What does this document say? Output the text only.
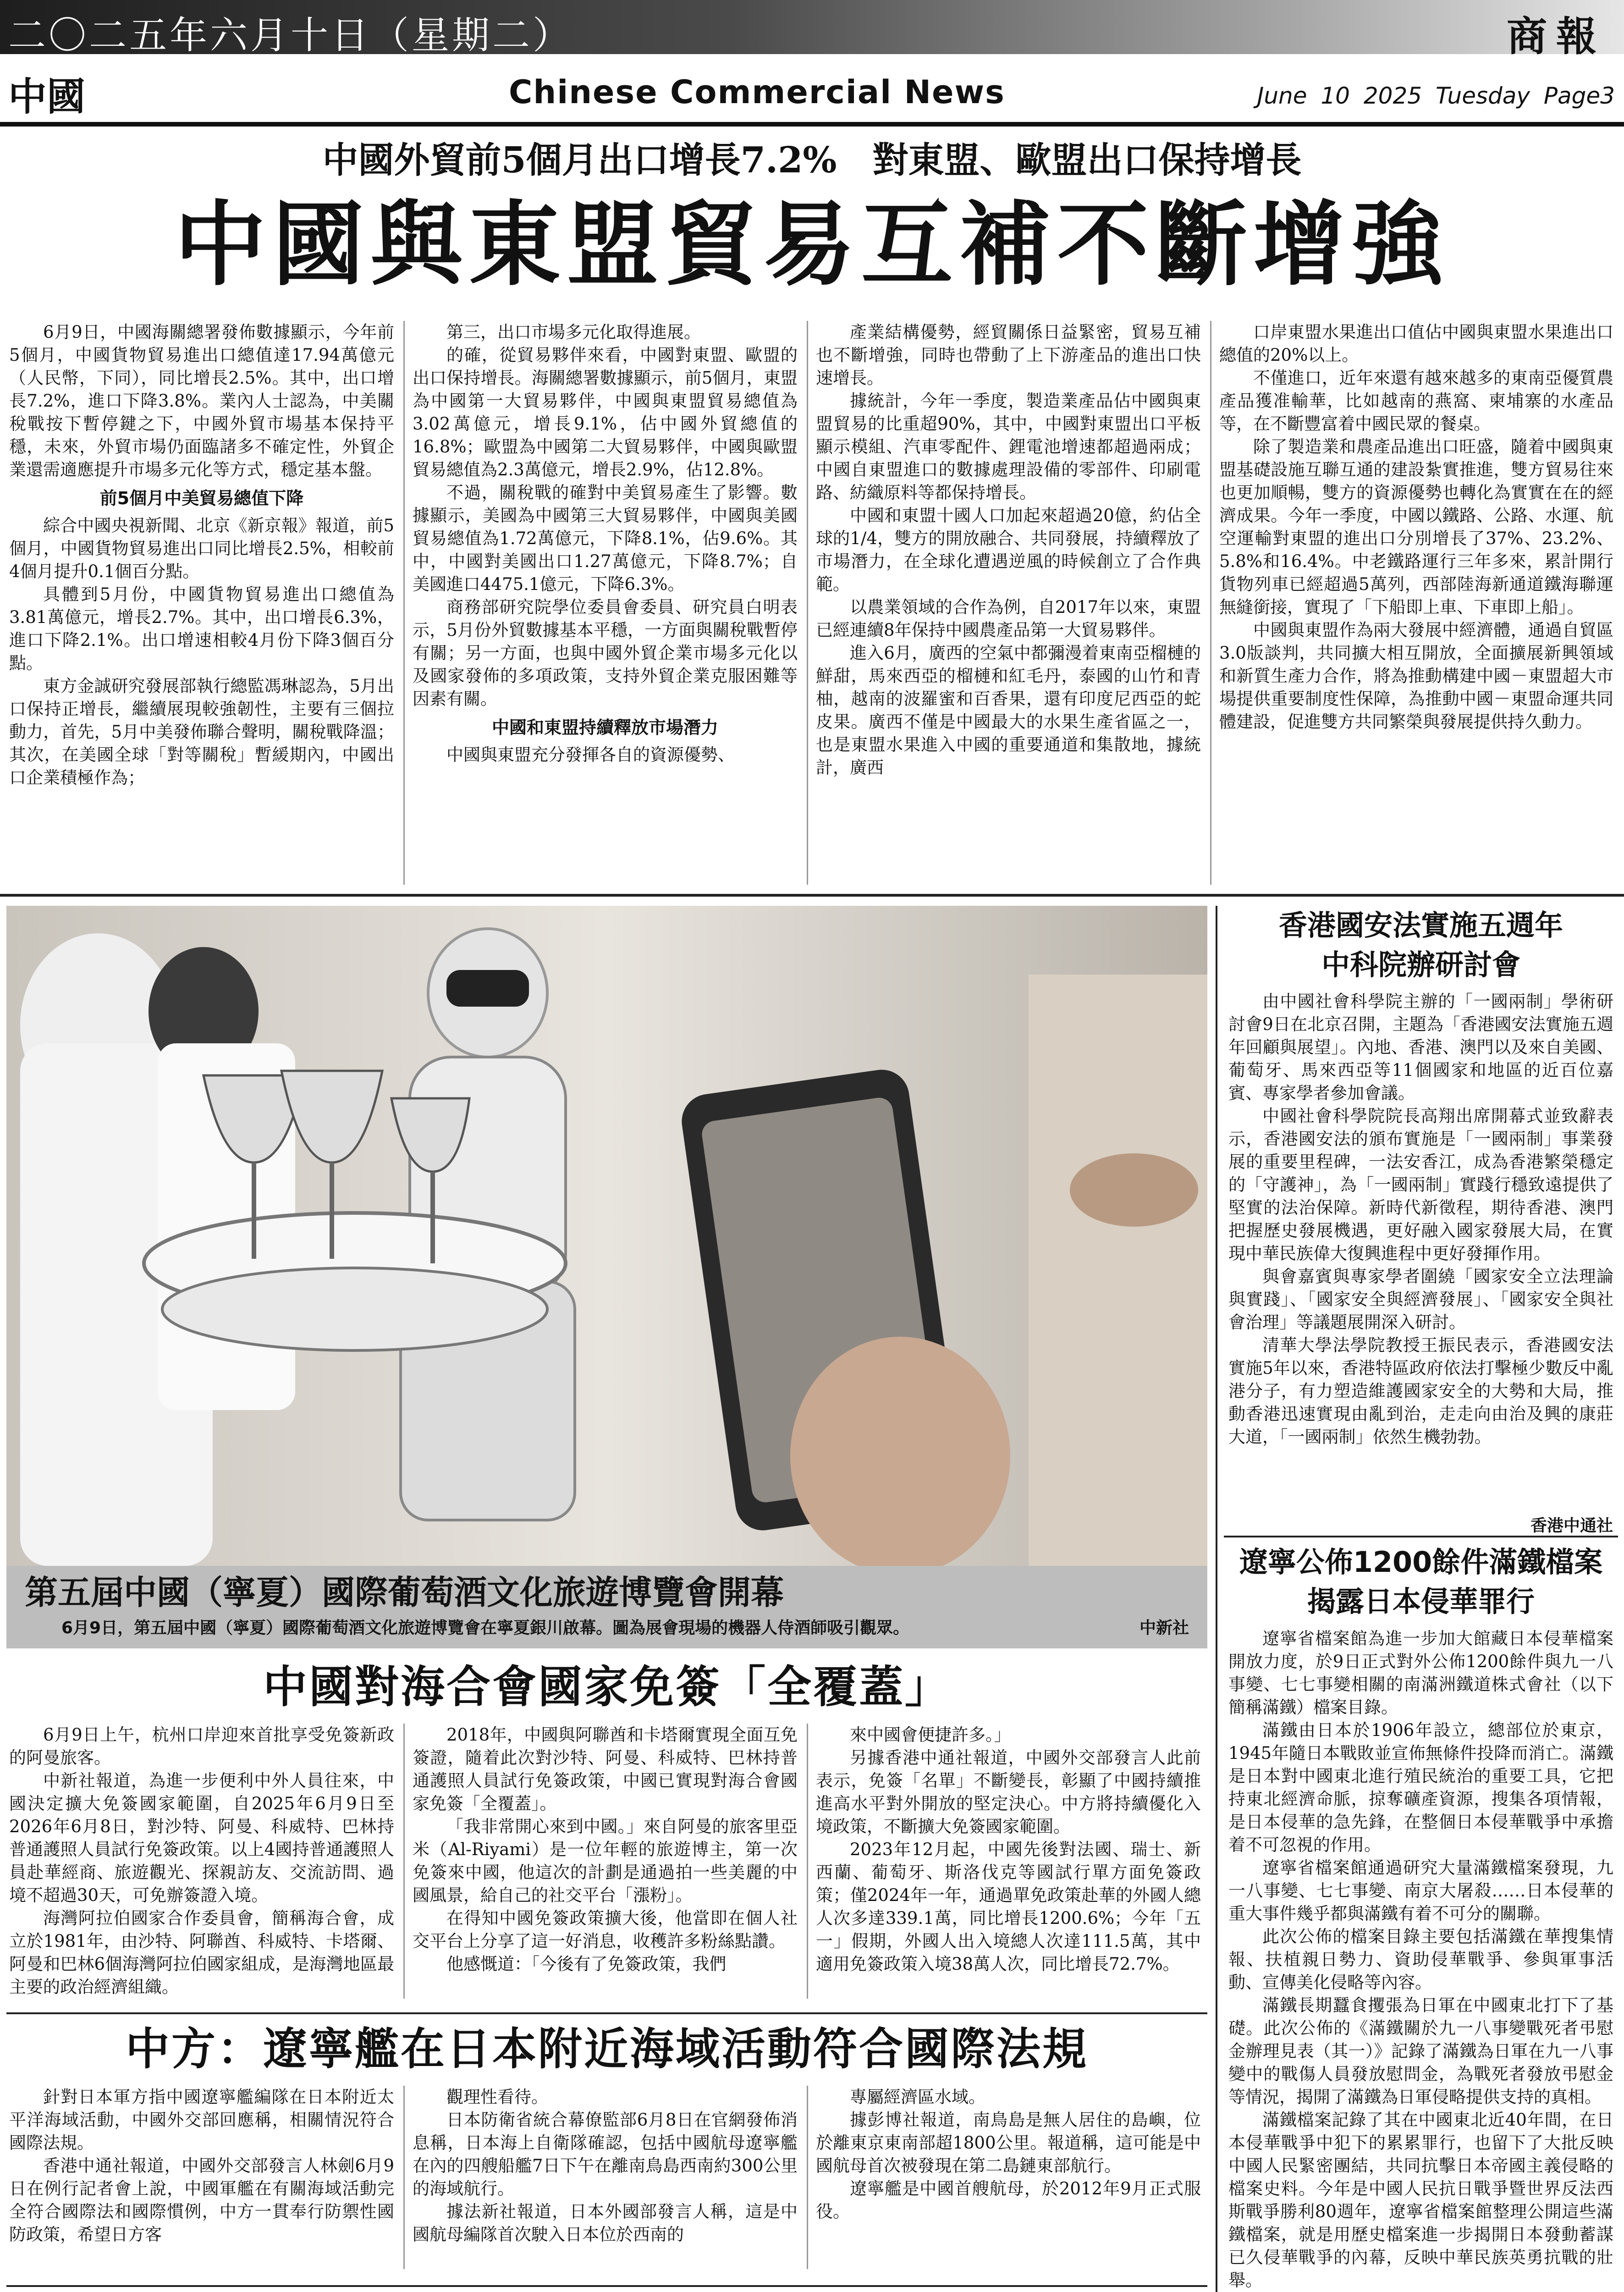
二〇二五年六月十日（星期二）	商報
中國	Chinese Commercial News	June 10 2025 Tuesday Page3
中國外貿前5個月出口增長7.2%　對東盟、歐盟出口保持增長
中國與東盟貿易互補不斷增強

6月9日，中國海關總署發佈數據顯示，今年前5個月，中國貨物貿易進出口總值達17.94萬億元（人民幣，下同），同比增長2.5%。其中，出口增長7.2%，進口下降3.8%。業內人士認為，中美關稅戰按下暫停鍵之下，中國外貿市場基本保持平穩，未來，外貿市場仍面臨諸多不確定性，外貿企業還需適應提升市場多元化等方式，穩定基本盤。

前5個月中美貿易總值下降

綜合中國央視新聞、北京《新京報》報道，前5個月，中國貨物貿易進出口同比增長2.5%，相較前4個月提升0.1個百分點。

具體到5月份，中國貨物貿易進出口總值為3.81萬億元，增長2.7%。其中，出口增長6.3%，進口下降2.1%。出口增速相較4月份下降3個百分點。

東方金誠研究發展部執行總監馮琳認為，5月出口保持正增長，繼續展現較強韌性，主要有三個拉動力，首先，5月中美發佈聯合聲明，關稅戰降溫；其次，在美國全球「對等關稅」暫緩期內，中國出口企業積極作為；

第三，出口市場多元化取得進展。

的確，從貿易夥伴來看，中國對東盟、歐盟的出口保持增長。海關總署數據顯示，前5個月，東盟為中國第一大貿易夥伴，中國與東盟貿易總值為3.02萬億元，增長9.1%，佔中國外貿總值的16.8%；歐盟為中國第二大貿易夥伴，中國與歐盟貿易總值為2.3萬億元，增長2.9%，佔12.8%。

不過，關稅戰的確對中美貿易產生了影響。數據顯示，美國為中國第三大貿易夥伴，中國與美國貿易總值為1.72萬億元，下降8.1%，佔9.6%。其中，中國對美國出口1.27萬億元，下降8.7%；自美國進口4475.1億元，下降6.3%。

商務部研究院學位委員會委員、研究員白明表示，5月份外貿數據基本平穩，一方面與關稅戰暫停有關；另一方面，也與中國外貿企業市場多元化以及國家發佈的多項政策，支持外貿企業克服困難等因素有關。

中國和東盟持續釋放市場潛力

中國與東盟充分發揮各自的資源優勢、

產業結構優勢，經貿關係日益緊密，貿易互補也不斷增強，同時也帶動了上下游產品的進出口快速增長。

據統計，今年一季度，製造業產品佔中國與東盟貿易的比重超90%，其中，中國對東盟出口平板顯示模組、汽車零配件、鋰電池增速都超過兩成；中國自東盟進口的數據處理設備的零部件、印刷電路、紡織原料等都保持增長。

中國和東盟十國人口加起來超過20億，約佔全球的1/4，雙方的開放融合、共同發展，持續釋放了市場潛力，在全球化遭遇逆風的時候創立了合作典範。

以農業領域的合作為例，自2017年以來，東盟已經連續8年保持中國農產品第一大貿易夥伴。

進入6月，廣西的空氣中都彌漫着東南亞榴槤的鮮甜，馬來西亞的榴槤和紅毛丹，泰國的山竹和青柚，越南的波羅蜜和百香果，還有印度尼西亞的蛇皮果。廣西不僅是中國最大的水果生產省區之一，也是東盟水果進入中國的重要通道和集散地，據統計，廣西

口岸東盟水果進出口值佔中國與東盟水果進出口總值的20%以上。

不僅進口，近年來還有越來越多的東南亞優質農產品獲准輸華，比如越南的燕窩、柬埔寨的水產品等，在不斷豐富着中國民眾的餐桌。

除了製造業和農產品進出口旺盛，隨着中國與東盟基礎設施互聯互通的建設紮實推進，雙方貿易往來也更加順暢，雙方的資源優勢也轉化為實實在在的經濟成果。今年一季度，中國以鐵路、公路、水運、航空運輸對東盟的進出口分別增長了37%、23.2%、5.8%和16.4%。中老鐵路運行三年多來，累計開行貨物列車已經超過5萬列，西部陸海新通道鐵海聯運無縫銜接，實現了「下船即上車、下車即上船」。

中國與東盟作為兩大發展中經濟體，通過自貿區3.0版談判，共同擴大相互開放，全面擴展新興領域和新質生產力合作，將為推動構建中國－東盟超大市場提供重要制度性保障，為推動中國－東盟命運共同體建設，促進雙方共同繁榮與發展提供持久動力。

第五屆中國（寧夏）國際葡萄酒文化旅遊博覽會開幕
6月9日，第五屆中國（寧夏）國際葡萄酒文化旅遊博覽會在寧夏銀川啟幕。圖為展會現場的機器人侍酒師吸引觀眾。	中新社
中國對海合會國家免簽「全覆蓋」

6月9日上午，杭州口岸迎來首批享受免簽新政的阿曼旅客。

中新社報道，為進一步便利中外人員往來，中國決定擴大免簽國家範圍，自2025年6月9日至2026年6月8日，對沙特、阿曼、科威特、巴林持普通護照人員試行免簽政策。以上4國持普通護照人員赴華經商、旅遊觀光、探親訪友、交流訪問、過境不超過30天，可免辦簽證入境。

海灣阿拉伯國家合作委員會，簡稱海合會，成立於1981年，由沙特、阿聯酋、科威特、卡塔爾、阿曼和巴林6個海灣阿拉伯國家組成，是海灣地區最主要的政治經濟組織。

2018年，中國與阿聯酋和卡塔爾實現全面互免簽證，隨着此次對沙特、阿曼、科威特、巴林持普通護照人員試行免簽政策，中國已實現對海合會國家免簽「全覆蓋」。

「我非常開心來到中國。」來自阿曼的旅客里亞米（Al-Riyami）是一位年輕的旅遊博主，第一次免簽來中國，他這次的計劃是通過拍一些美麗的中國風景，給自己的社交平台「漲粉」。

在得知中國免簽政策擴大後，他當即在個人社交平台上分享了這一好消息，收穫許多粉絲點讚。

他感慨道：「今後有了免簽政策，我們

來中國會便捷許多。」

另據香港中通社報道，中國外交部發言人此前表示，免簽「名單」不斷變長，彰顯了中國持續推進高水平對外開放的堅定決心。中方將持續優化入境政策，不斷擴大免簽國家範圍。

2023年12月起，中國先後對法國、瑞士、新西蘭、葡萄牙、斯洛伐克等國試行單方面免簽政策；僅2024年一年，通過單免政策赴華的外國人總人次多達339.1萬，同比增長1200.6%；今年「五一」假期，外國人出入境總人次達111.5萬，其中適用免簽政策入境38萬人次，同比增長72.7%。

中方：遼寧艦在日本附近海域活動符合國際法規

針對日本軍方指中國遼寧艦編隊在日本附近太平洋海域活動，中國外交部回應稱，相關情況符合國際法規。

香港中通社報道，中國外交部發言人林劍6月9日在例行記者會上說，中國軍艦在有關海域活動完全符合國際法和國際慣例，中方一貫奉行防禦性國防政策，希望日方客

觀理性看待。

日本防衛省統合幕僚監部6月8日在官網發佈消息稱，日本海上自衛隊確認，包括中國航母遼寧艦在內的四艘船艦7日下午在離南鳥島西南約300公里的海域航行。

據法新社報道，日本外國部發言人稱，這是中國航母編隊首次駛入日本位於西南的

專屬經濟區水域。

據彭博社報道，南鳥島是無人居住的島嶼，位於離東京東南部超1800公里。報道稱，這可能是中國航母首次被發現在第二島鏈東部航行。

遼寧艦是中國首艘航母，於2012年9月正式服役。

香港國安法實施五週年
中科院辦研討會

由中國社會科學院主辦的「一國兩制」學術研討會9日在北京召開，主題為「香港國安法實施五週年回顧與展望」。內地、香港、澳門以及來自美國、葡萄牙、馬來西亞等11個國家和地區的近百位嘉賓、專家學者參加會議。

中國社會科學院院長高翔出席開幕式並致辭表示，香港國安法的頒布實施是「一國兩制」事業發展的重要里程碑，一法安香江，成為香港繁榮穩定的「守護神」，為「一國兩制」實踐行穩致遠提供了堅實的法治保障。新時代新徵程，期待香港、澳門把握歷史發展機遇，更好融入國家發展大局，在實現中華民族偉大復興進程中更好發揮作用。

與會嘉賓與專家學者圍繞「國家安全立法理論與實踐」、「國家安全與經濟發展」、「國家安全與社會治理」等議題展開深入研討。

清華大學法學院教授王振民表示，香港國安法實施5年以來，香港特區政府依法打擊極少數反中亂港分子，有力塑造維護國家安全的大勢和大局，推動香港迅速實現由亂到治，走走向由治及興的康莊大道，「一國兩制」依然生機勃勃。

香港中通社
遼寧公佈1200餘件滿鐵檔案
揭露日本侵華罪行

遼寧省檔案館為進一步加大館藏日本侵華檔案開放力度，於9日正式對外公佈1200餘件與九一八事變、七七事變相關的南滿洲鐵道株式會社（以下簡稱滿鐵）檔案目錄。

滿鐵由日本於1906年設立，總部位於東京，1945年隨日本戰敗並宣佈無條件投降而消亡。滿鐵是日本對中國東北進行殖民統治的重要工具，它把持東北經濟命脈，掠奪礦產資源，搜集各項情報，是日本侵華的急先鋒，在整個日本侵華戰爭中承擔着不可忽視的作用。

遼寧省檔案館通過研究大量滿鐵檔案發現，九一八事變、七七事變、南京大屠殺……日本侵華的重大事件幾乎都與滿鐵有着不可分的關聯。

此次公佈的檔案目錄主要包括滿鐵在華搜集情報、扶植親日勢力、資助侵華戰爭、參與軍事活動、宣傳美化侵略等內容。

滿鐵長期蠶食攫張為日軍在中國東北打下了基礎。此次公佈的《滿鐵關於九一八事變戰死者弔慰金辦理見表（其一）》記錄了滿鐵為日軍在九一八事變中的戰傷人員發放慰問金，為戰死者發放弔慰金等情況，揭開了滿鐵為日軍侵略提供支持的真相。

滿鐵檔案記錄了其在中國東北近40年間，在日本侵華戰爭中犯下的累累罪行，也留下了大批反映中國人民緊密團結，共同抗擊日本帝國主義侵略的檔案史料。今年是中國人民抗日戰爭暨世界反法西斯戰爭勝利80週年，遼寧省檔案館整理公開這些滿鐵檔案，就是用歷史檔案進一步揭開日本發動蓄謀已久侵華戰爭的內幕，反映中華民族英勇抗戰的壯舉。
